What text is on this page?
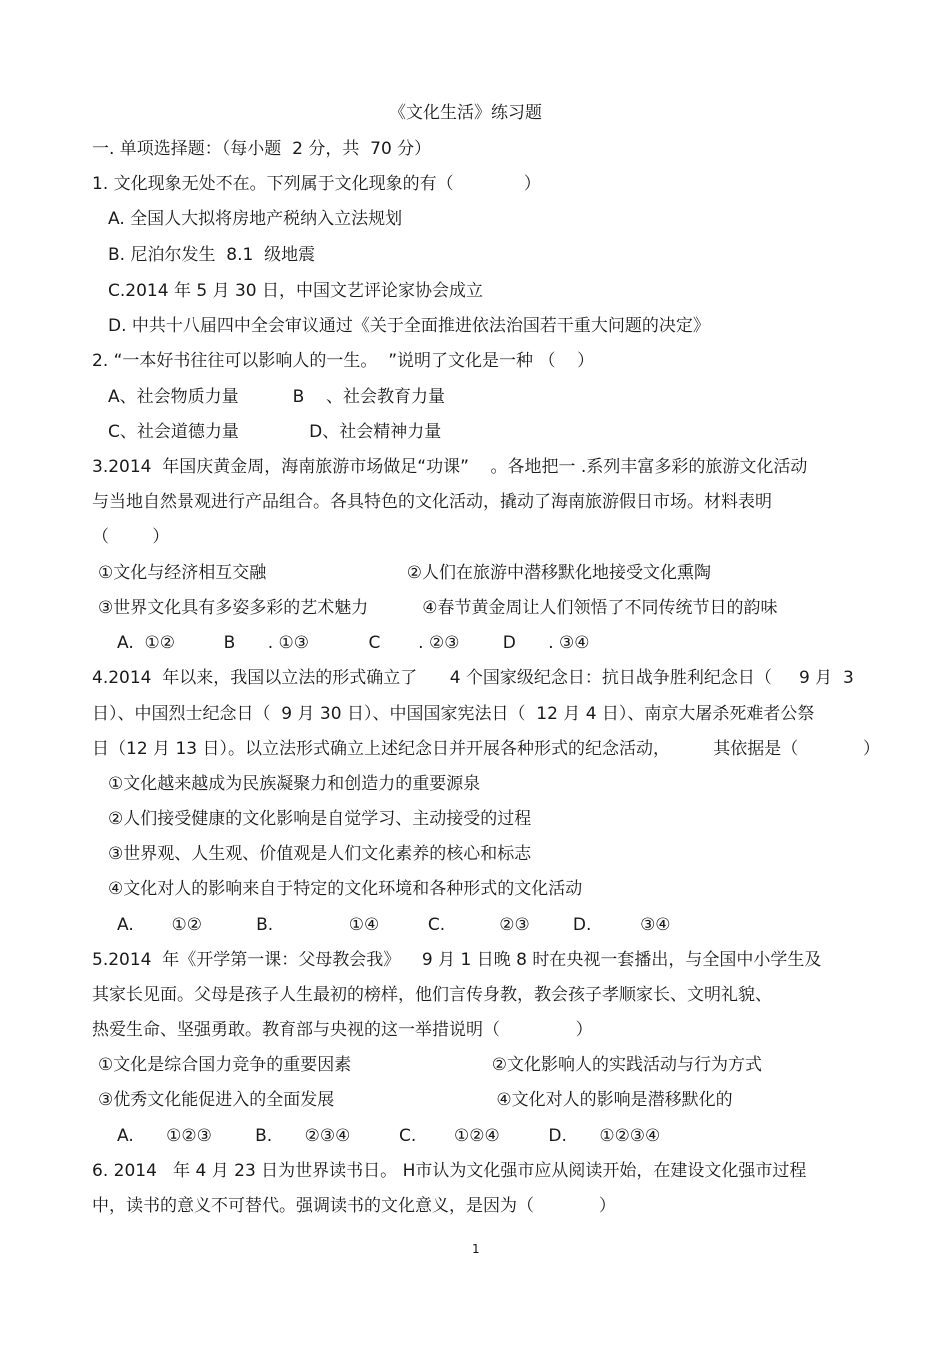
《文化生活》练习题
一. 单项选择题：（每小题  2 分，共  70 分）
1. 文化现象无处不在。下列属于文化现象的有（             ）
A. 全国人大拟将房地产税纳入立法规划
B. 尼泊尔发生  8.1  级地震
C.2014 年 5 月 30 日，中国文艺评论家协会成立
D. 中共十八届四中全会审议通过《关于全面推进依法治国若干重大问题的决定》
2. “一本好书往往可以影响人的一生。  ”说明了文化是一种 （    ）
A、社会物质力量          B    、社会教育力量
C、社会道德力量             D、社会精神力量
3.2014  年国庆黄金周，海南旅游市场做足“功课”    。各地把一 .系列丰富多彩的旅游文化活动
与当地自然景观进行产品组合。各具特色的文化活动，撬动了海南旅游假日市场。材料表明
（        ）
①文化与经济相互交融                          ②人们在旅游中潜移默化地接受文化熏陶
③世界文化具有多姿多彩的艺术魅力          ④春节黄金周让人们领悟了不同传统节日的韵味
A.  ①②         B      . ①③           C       . ②③        D      . ③④
4.2014  年以来，我国以立法的形式确立了      4 个国家级纪念日：抗日战争胜利纪念日（     9 月  3
日）、中国烈士纪念日（  9 月 30 日）、中国国家宪法日（  12 月 4 日）、南京大屠杀死难者公祭
日（12 月 13 日）。以立法形式确立上述纪念日并开展各种形式的纪念活动，        其依据是（            ）
①文化越来越成为民族凝聚力和创造力的重要源泉
②人们接受健康的文化影响是自觉学习、主动接受的过程
③世界观、人生观、价值观是人们文化素养的核心和标志
④文化对人的影响来自于特定的文化环境和各种形式的文化活动
A.       ①②          B.              ①④         C.          ②③        D.         ③④
5.2014  年《开学第一课：父母教会我》    9 月 1 日晚 8 时在央视一套播出，与全国中小学生及
其家长见面。父母是孩子人生最初的榜样，他们言传身教，教会孩子孝顺家长、文明礼貌、
热爱生命、坚强勇敢。教育部与央视的这一举措说明（              ）
①文化是综合国力竞争的重要因素                          ②文化影响人的实践活动与行为方式
③优秀文化能促进入的全面发展                              ④文化对人的影响是潜移默化的
A.      ①②③        B.      ②③④         C.       ①②④         D.      ①②③④
6. 2014   年 4 月 23 日为世界读书日。 H市认为文化强市应从阅读开始，在建设文化强市过程
中，读书的意义不可替代。强调读书的文化意义，是因为（            ）
1
